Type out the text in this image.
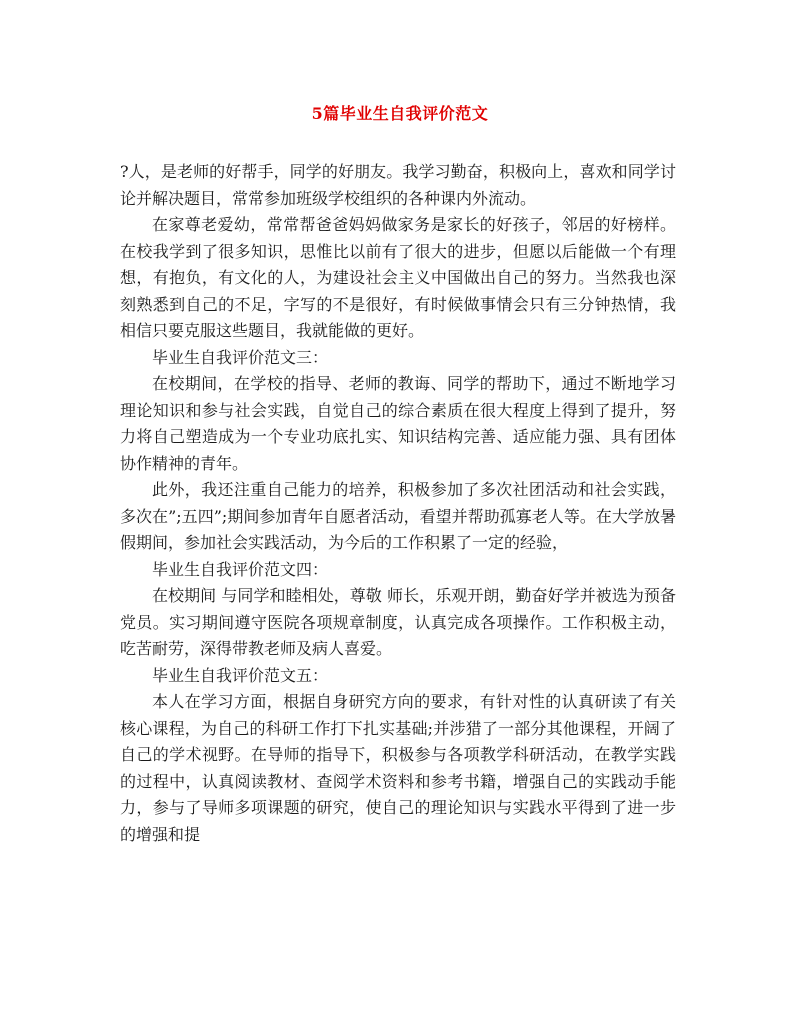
5篇毕业生自我评价范文

?人，是老师的好帮手，同学的好朋友。我学习勤奋，积极向上，喜欢和同学讨论并解决题目，常常参加班级学校组织的各种课内外流动。

在家尊老爱幼，常常帮爸爸妈妈做家务是家长的好孩子，邻居的好榜样。在校我学到了很多知识，思惟比以前有了很大的进步，但愿以后能做一个有理想，有抱负，有文化的人，为建设社会主义中国做出自己的努力。当然我也深刻熟悉到自己的不足，字写的不是很好，有时候做事情会只有三分钟热情，我相信只要克服这些题目，我就能做的更好。

毕业生自我评价范文三：

在校期间，在学校的指导、老师的教诲、同学的帮助下，通过不断地学习理论知识和参与社会实践，自觉自己的综合素质在很大程度上得到了提升，努力将自己塑造成为一个专业功底扎实、知识结构完善、适应能力强、具有团体协作精神的青年。

此外，我还注重自己能力的培养，积极参加了多次社团活动和社会实践，多次在”;五四”;期间参加青年自愿者活动，看望并帮助孤寡老人等。在大学放暑假期间，参加社会实践活动，为今后的工作积累了一定的经验，

毕业生自我评价范文四：

在校期间 与同学和睦相处，尊敬 师长，乐观开朗，勤奋好学并被选为预备党员。实习期间遵守医院各项规章制度，认真完成各项操作。工作积极主动，吃苦耐劳，深得带教老师及病人喜爱。

毕业生自我评价范文五：

本人在学习方面，根据自身研究方向的要求，有针对性的认真研读了有关核心课程，为自己的科研工作打下扎实基础;并涉猎了一部分其他课程，开阔了自己的学术视野。在导师的指导下，积极参与各项教学科研活动，在教学实践的过程中，认真阅读教材、查阅学术资料和参考书籍，增强自己的实践动手能力，参与了导师多项课题的研究，使自己的理论知识与实践水平得到了进一步的增强和提
